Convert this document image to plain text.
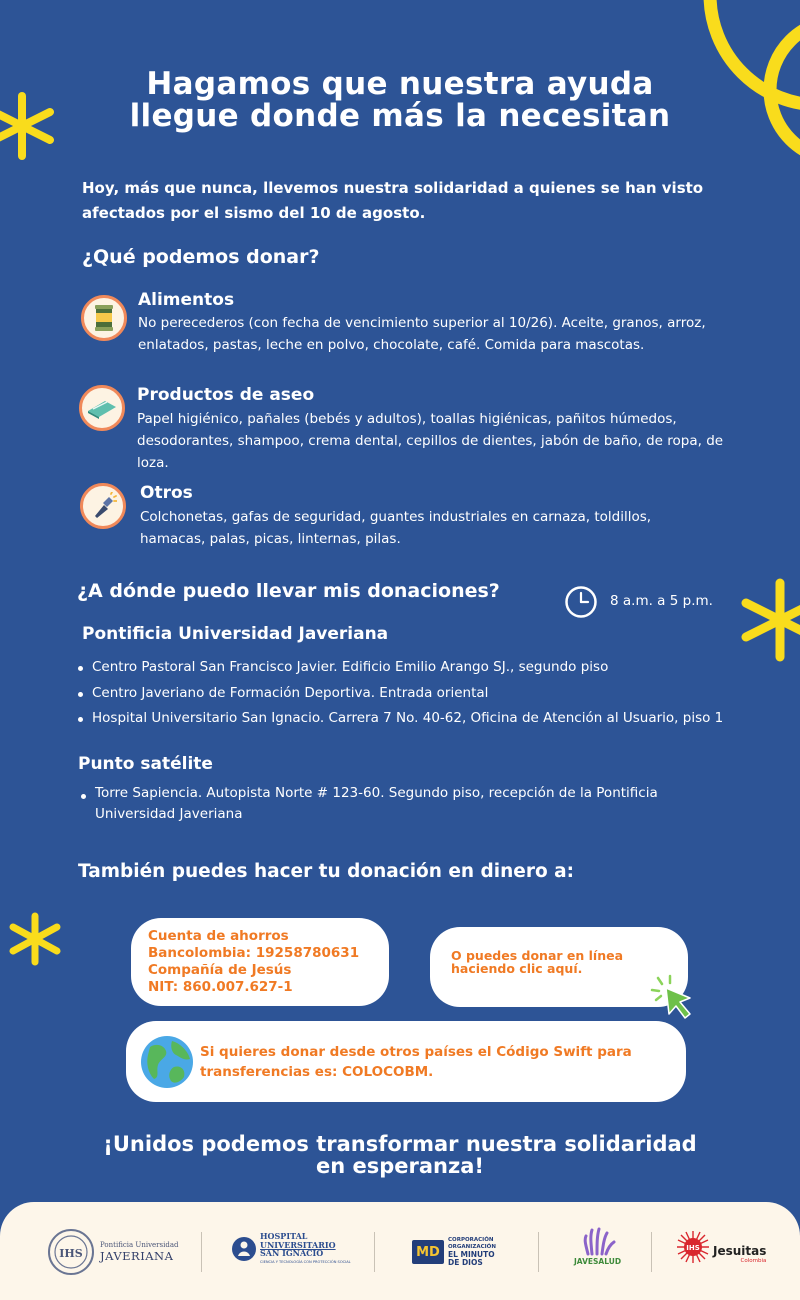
Hagamos que nuestra ayuda
llegue donde más la necesitan
Hoy, más que nunca, llevemos nuestra solidaridad a quienes se han visto afectados por el sismo del 10 de agosto.
¿Qué podemos donar?
Alimentos
No perecederos (con fecha de vencimiento superior al 10/26). Aceite, granos, arroz, enlatados, pastas, leche en polvo, chocolate, café. Comida para mascotas.
Productos de aseo
Papel higiénico, pañales (bebés y adultos), toallas higiénicas, pañitos húmedos, desodorantes, shampoo, crema dental, cepillos de dientes, jabón de baño, de ropa, de loza.
Otros
Colchonetas, gafas de seguridad, guantes industriales en carnaza, toldillos, hamacas, palas, picas, linternas, pilas.
¿A dónde puedo llevar mis donaciones?	8 a.m. a 5 p.m.
Pontificia Universidad Javeriana
Centro Pastoral San Francisco Javier. Edificio Emilio Arango SJ., segundo piso
Centro Javeriano de Formación Deportiva. Entrada oriental
Hospital Universitario San Ignacio. Carrera 7 No. 40-62, Oficina de Atención al Usuario, piso 1
Punto satélite
Torre Sapiencia. Autopista Norte # 123-60. Segundo piso, recepción de la Pontificia Universidad Javeriana
También puedes hacer tu donación en dinero a:
Cuenta de ahorros
Bancolombia: 19258780631
Compañía de Jesús
NIT: 860.007.627-1
O puedes donar en línea
haciendo clic aquí.
Si quieres donar desde otros países el Código Swift para
transferencias es: COLOCOBM.
¡Unidos podemos transformar nuestra solidaridad
en esperanza!
IHS
Pontificia Universidad
JAVERIANA
HOSPITAL
UNIVERSITARIO
SAN IGNACIO
CIENCIA Y TECNOLOGÍA CON PROTECCIÓN SOCIAL
MD
CORPORACIÓN
ORGANIZACIÓN
EL MINUTO
DE DIOS	JAVESALUD
IHS Jesuitas
Colombia
